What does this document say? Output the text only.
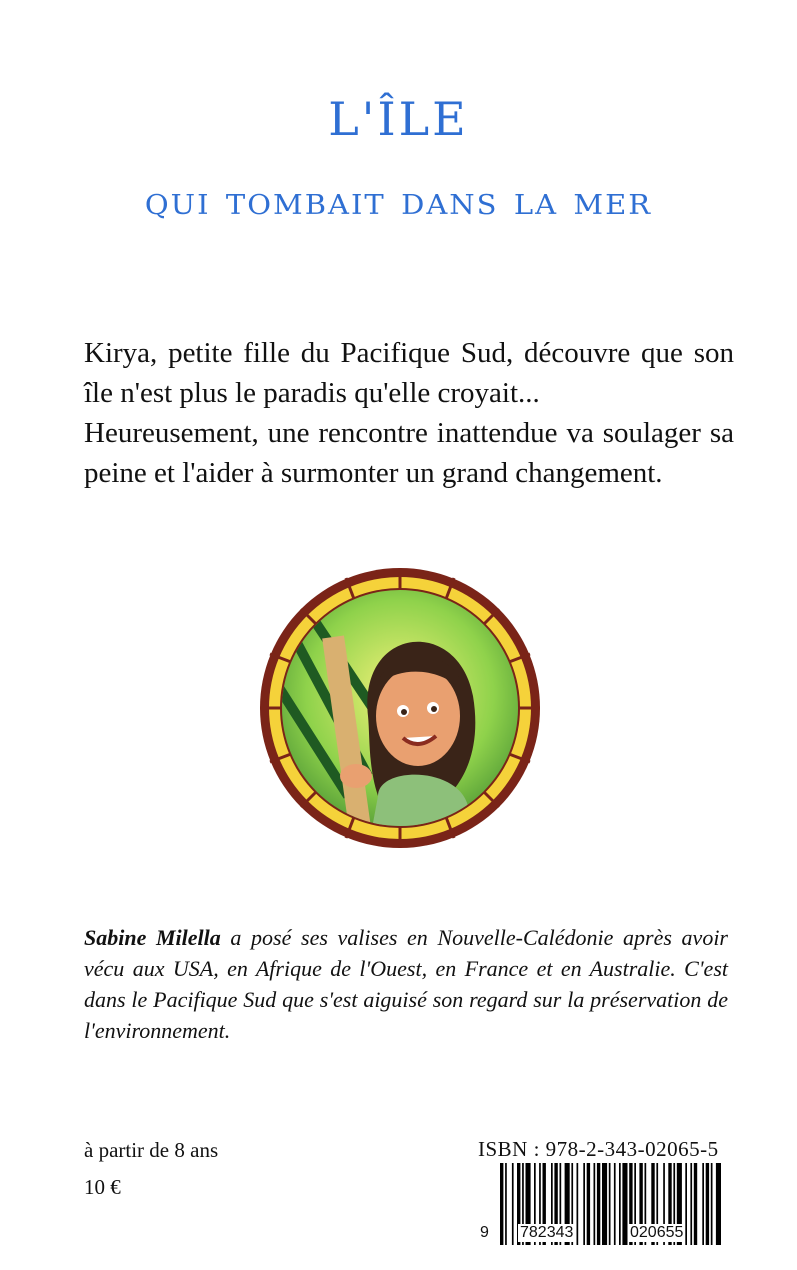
L'ÎLE
qui tombait dans la mer

Kirya, petite fille du Pacifique Sud, découvre que son île n'est plus le paradis qu'elle croyait...

Heureusement, une rencontre inattendue va soulager sa peine et l'aider à surmonter un grand changement.

Sabine Milella a posé ses valises en Nouvelle-Calédonie après avoir vécu aux USA, en Afrique de l'Ouest, en France et en Australie. C'est dans le Pacifique Sud que s'est aiguisé son regard sur la préservation de l'environnement.
à partir de 8 ans
10 €
ISBN : 978-2-343-02065-5
9 782343	020655
